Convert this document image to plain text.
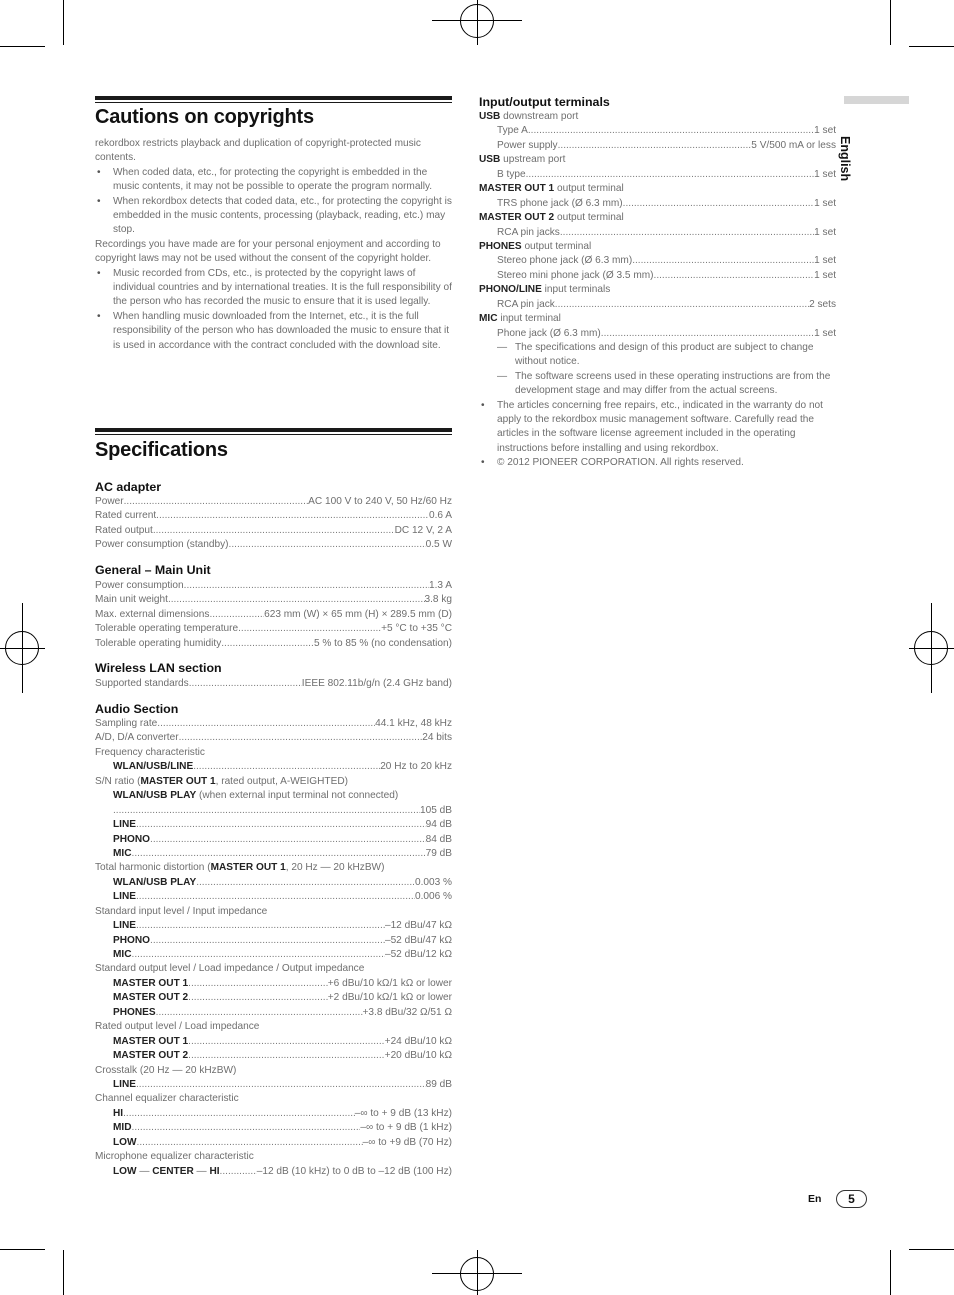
Cautions on copyrights
rekordbox restricts playback and duplication of copyright-protected music contents.
• When coded data, etc., for protecting the copyright is embedded in the music contents, it may not be possible to operate the program normally.
• When rekordbox detects that coded data, etc., for protecting the copyright is embedded in the music contents, processing (playback, reading, etc.) may stop.
Recordings you have made are for your personal enjoyment and according to copyright laws may not be used without the consent of the copyright holder.
• Music recorded from CDs, etc., is protected by the copyright laws of individual countries and by international treaties. It is the full responsibility of the person who has recorded the music to ensure that it is used legally.
• When handling music downloaded from the Internet, etc., it is the full responsibility of the person who has downloaded the music to ensure that it is used in accordance with the contract concluded with the download site.
Specifications
AC adapter
Power .....	AC 100 V to 240 V, 50 Hz/60 Hz
Rated current .....	0.6 A
Rated output .....	DC 12 V, 2 A
Power consumption (standby) .....	0.5 W
General – Main Unit
Power consumption .....	1.3 A
Main unit weight .....	3.8 kg
Max. external dimensions .....	623 mm (W) × 65 mm (H) × 289.5 mm (D)
Tolerable operating temperature .....	+5 °C to +35 °C
Tolerable operating humidity .....	5 % to 85 % (no condensation)
Wireless LAN section
Supported standards .....	IEEE 802.11b/g/n (2.4 GHz band)
Audio Section
Sampling rate .....	44.1 kHz, 48 kHz
A/D, D/A converter .....	24 bits
Frequency characteristic
WLAN/USB/LINE .....	20 Hz to 20 kHz
S/N ratio (MASTER OUT 1, rated output, A-WEIGHTED)
WLAN/USB PLAY (when external input terminal not connected)
.....
105 dB
LINE .....	94 dB
PHONO .....	84 dB
MIC .....	79 dB
Total harmonic distortion (MASTER OUT 1, 20 Hz — 20 kHzBW)
WLAN/USB PLAY .....	0.003 %
LINE .....	0.006 %
Standard input level / Input impedance
LINE .....	–12 dBu/47 kΩ
PHONO .....	–52 dBu/47 kΩ
MIC .....	–52 dBu/12 kΩ
Standard output level / Load impedance / Output impedance
MASTER OUT 1 .....	+6 dBu/10 kΩ/1 kΩ or lower
MASTER OUT 2 .....	+2 dBu/10 kΩ/1 kΩ or lower
PHONES .....	+3.8 dBu/32 Ω/51 Ω
Rated output level / Load impedance
MASTER OUT 1 .....	+24 dBu/10 kΩ
MASTER OUT 2 .....	+20 dBu/10 kΩ
Crosstalk (20 Hz — 20 kHzBW)
LINE .....	89 dB
Channel equalizer characteristic
HI .....	–∞ to + 9 dB (13 kHz)
MID .....	–∞ to + 9 dB (1 kHz)
LOW .....	–∞ to +9 dB (70 Hz)
Microphone equalizer characteristic
LOW — CENTER — HI .....	–12 dB (10 kHz) to 0 dB to –12 dB (100 Hz)
Input/output terminals
USB downstream port
Type A .....	1 set
Power supply .....	5 V/500 mA or less
USB upstream port
B type .....	1 set
MASTER OUT 1 output terminal
TRS phone jack (Ø 6.3 mm) .....	1 set
MASTER OUT 2 output terminal
RCA pin jacks .....	1 set
PHONES output terminal
Stereo phone jack (Ø 6.3 mm) .....	1 set
Stereo mini phone jack (Ø 3.5 mm) .....	1 set
PHONO/LINE input terminals
RCA pin jack .....	2 sets
MIC input terminal
Phone jack (Ø 6.3 mm) .....	1 set
— The specifications and design of this product are subject to change without notice.
— The software screens used in these operating instructions are from the development stage and may differ from the actual screens.
• The articles concerning free repairs, etc., indicated in the warranty do not apply to the rekordbox music management software. Carefully read the articles in the software license agreement included in the operating instructions before installing and using rekordbox.
• © 2012 PIONEER CORPORATION. All rights reserved.
English
En	5
